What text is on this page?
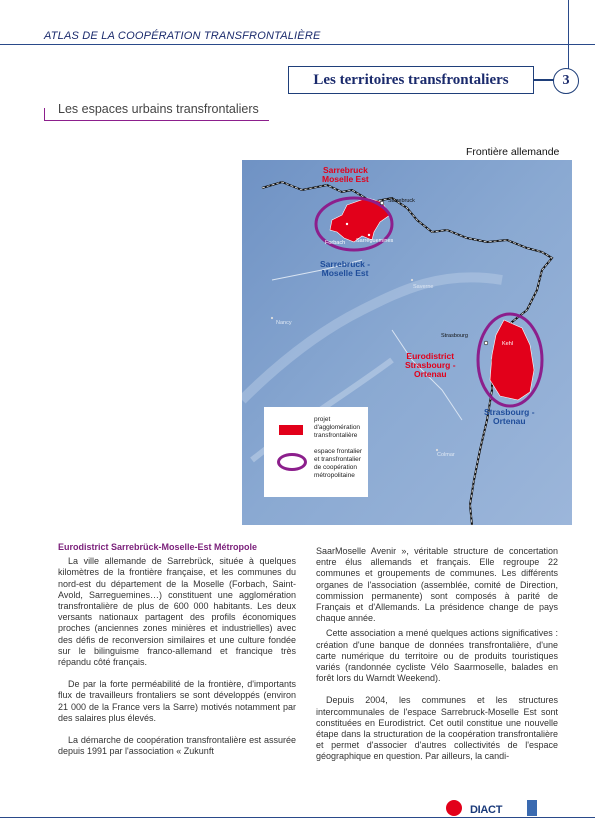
ATLAS DE LA COOPÉRATION TRANSFRONTALIÈRE
Les territoires transfrontaliers	3
Les espaces urbains transfrontaliers
Frontière allemande
Sarrebruck
Moselle Est
Sarrebruck -
Moselle Est
Eurodistrict
Strasbourg -
Ortenau
Strasbourg -
Ortenau
Sarrebruck
Strasbourg
Kehl
Nancy
Forbach Sarreguemines
Saverne
Colmar
projet
d'agglomération
transfrontalière
espace frontalier
et transfrontalier
de coopération
métropolitaine
Eurodistrict Sarrebrück-Moselle-Est Métropole

La ville allemande de Sarrebrück, située à quelques kilomètres de la frontière française, et les communes du nord-est du département de la Moselle (Forbach, Saint-Avold, Sarreguemines…) constituent une agglomération transfrontalière de plus de 600 000 habitants. Les deux versants nationaux partagent des profils économiques proches (anciennes zones minières et industrielles) avec des défis de reconversion similaires et une culture fondée sur le bilinguisme franco-allemand et francique très répandu côté français.

De par la forte perméabilité de la frontière, d'importants flux de travailleurs frontaliers se sont développés (environ 21 000 de la France vers la Sarre) motivés notamment par des salaires plus élevés.

La démarche de coopération transfrontalière est assurée depuis 1991 par l'association « Zukunft

SaarMoselle Avenir », véritable structure de concertation entre élus allemands et français. Elle regroupe 22 communes et groupements de communes. Les différents organes de l'association (assemblée, comité de Direction, commission permanente) sont composés à parité de Français et d'Allemands. La présidence change de pays chaque année.

Cette association a mené quelques actions significatives : création d'une banque de données transfrontalière, d'une carte numérique du territoire ou de produits touristiques variés (randonnée cycliste Vélo Saarmoselle, balades en forêt lors du Warndt Weekend).

Depuis 2004, les communes et les structures intercommunales de l'espace Sarrebruck-Moselle Est sont constituées en Eurodistrict. Cet outil constitue une nouvelle étape dans la structuration de la coopération transfrontalière et permet d'associer d'autres collectivités de l'espace géographique en question. Par ailleurs, la candi-

DIACT
